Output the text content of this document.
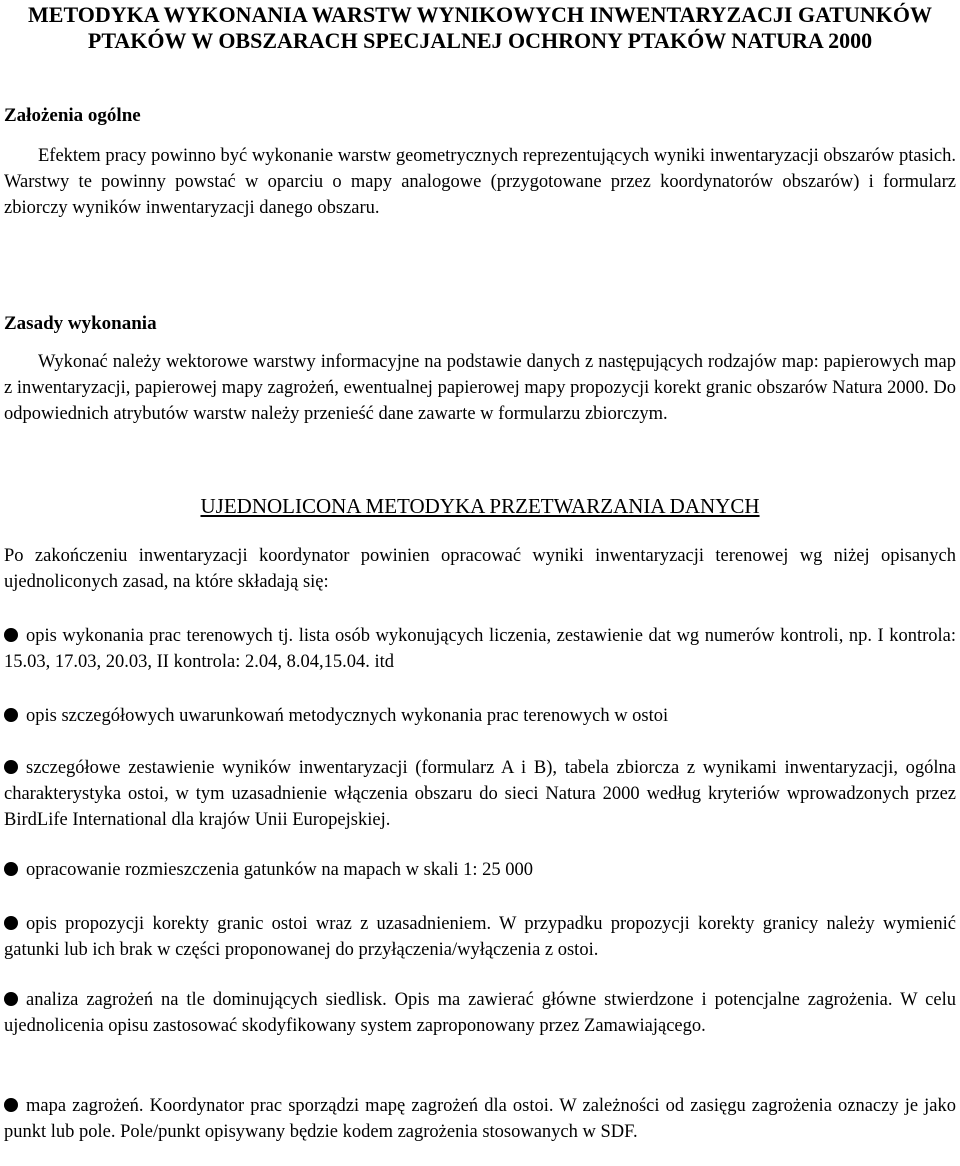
METODYKA WYKONANIA WARSTW WYNIKOWYCH INWENTARYZACJI GATUNKÓW
PTAKÓW W OBSZARACH SPECJALNEJ OCHRONY PTAKÓW NATURA 2000
Założenia ogólne
Efektem pracy powinno być wykonanie warstw geometrycznych reprezentujących wyniki inwentaryzacji obszarów ptasich. Warstwy te powinny powstać w oparciu o mapy analogowe (przygotowane przez koordynatorów obszarów) i formularz zbiorczy wyników inwentaryzacji danego obszaru.
Zasady wykonania
Wykonać należy wektorowe warstwy informacyjne na podstawie danych z następujących rodzajów map: papierowych map z inwentaryzacji, papierowej mapy zagrożeń, ewentualnej papierowej mapy propozycji korekt granic obszarów Natura 2000. Do odpowiednich atrybutów warstw należy przenieść dane zawarte w formularzu zbiorczym.
UJEDNOLICONA METODYKA PRZETWARZANIA DANYCH
Po zakończeniu inwentaryzacji koordynator powinien opracować wyniki inwentaryzacji terenowej wg niżej opisanych ujednoliconych zasad, na które składają się:
opis wykonania prac terenowych tj. lista osób wykonujących liczenia, zestawienie dat wg numerów kontroli, np. I kontrola: 15.03, 17.03, 20.03, II kontrola: 2.04, 8.04,15.04. itd
opis szczegółowych uwarunkowań metodycznych wykonania prac terenowych w ostoi
szczegółowe zestawienie wyników inwentaryzacji (formularz A i B), tabela zbiorcza z wynikami inwentaryzacji, ogólna charakterystyka ostoi, w tym uzasadnienie włączenia obszaru do sieci Natura 2000 według kryteriów wprowadzonych przez BirdLife International dla krajów Unii Europejskiej.
opracowanie rozmieszczenia gatunków na mapach w skali 1: 25 000
opis propozycji korekty granic ostoi wraz z uzasadnieniem. W przypadku propozycji korekty granicy należy wymienić gatunki lub ich brak w części proponowanej do przyłączenia/wyłączenia z ostoi.
analiza zagrożeń na tle dominujących siedlisk. Opis ma zawierać główne stwierdzone i potencjalne zagrożenia. W celu ujednolicenia opisu zastosować skodyfikowany system zaproponowany przez Zamawiającego.
mapa zagrożeń. Koordynator prac sporządzi mapę zagrożeń dla ostoi. W zależności od zasięgu zagrożenia oznaczy je jako punkt lub pole. Pole/punkt opisywany będzie kodem zagrożenia stosowanych w SDF.
